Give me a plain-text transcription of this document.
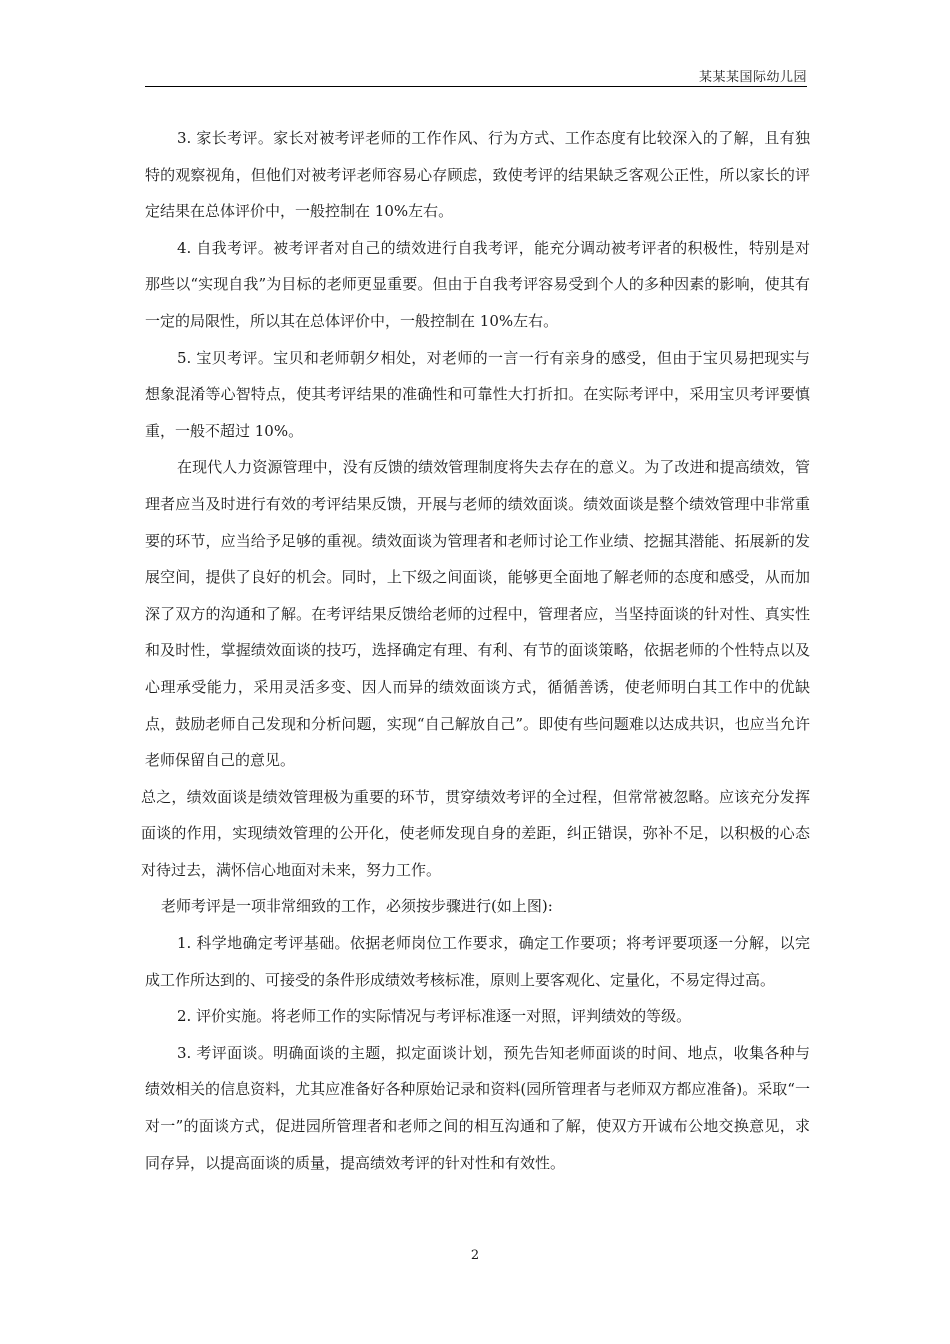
某某某国际幼儿园

3. 家长考评。家长对被考评老师的工作作风、行为方式、工作态度有比较深入的了解，且有独特的观察视角，但他们对被考评老师容易心存顾虑，致使考评的结果缺乏客观公正性，所以家长的评定结果在总体评价中，一般控制在 10%左右。

4. 自我考评。被考评者对自己的绩效进行自我考评，能充分调动被考评者的积极性，特别是对那些以“实现自我”为目标的老师更显重要。但由于自我考评容易受到个人的多种因素的影响，使其有一定的局限性，所以其在总体评价中，一般控制在 10%左右。

5. 宝贝考评。宝贝和老师朝夕相处，对老师的一言一行有亲身的感受，但由于宝贝易把现实与想象混淆等心智特点，使其考评结果的准确性和可靠性大打折扣。在实际考评中，采用宝贝考评要慎重，一般不超过 10%。

在现代人力资源管理中，没有反馈的绩效管理制度将失去存在的意义。为了改进和提高绩效，管理者应当及时进行有效的考评结果反馈，开展与老师的绩效面谈。绩效面谈是整个绩效管理中非常重要的环节，应当给予足够的重视。绩效面谈为管理者和老师讨论工作业绩、挖掘其潜能、拓展新的发展空间，提供了良好的机会。同时，上下级之间面谈，能够更全面地了解老师的态度和感受，从而加深了双方的沟通和了解。在考评结果反馈给老师的过程中，管理者应，当坚持面谈的针对性、真实性和及时性，掌握绩效面谈的技巧，选择确定有理、有利、有节的面谈策略，依据老师的个性特点以及心理承受能力，采用灵活多变、因人而异的绩效面谈方式，循循善诱，使老师明白其工作中的优缺点，鼓励老师自己发现和分析问题，实现“自己解放自己”。即使有些问题难以达成共识，也应当允许老师保留自己的意见。

总之，绩效面谈是绩效管理极为重要的环节，贯穿绩效考评的全过程，但常常被忽略。应该充分发挥面谈的作用，实现绩效管理的公开化，使老师发现自身的差距，纠正错误，弥补不足，以积极的心态对待过去，满怀信心地面对未来，努力工作。

老师考评是一项非常细致的工作，必须按步骤进行(如上图):

1. 科学地确定考评基础。依据老师岗位工作要求，确定工作要项；将考评要项逐一分解，以完成工作所达到的、可接受的条件形成绩效考核标准，原则上要客观化、定量化，不易定得过高。

2. 评价实施。将老师工作的实际情况与考评标准逐一对照，评判绩效的等级。

3. 考评面谈。明确面谈的主题，拟定面谈计划，预先告知老师面谈的时间、地点，收集各种与绩效相关的信息资料，尤其应准备好各种原始记录和资料(园所管理者与老师双方都应准备)。采取“一对一”的面谈方式，促进园所管理者和老师之间的相互沟通和了解，使双方开诚布公地交换意见，求同存异，以提高面谈的质量，提高绩效考评的针对性和有效性。

2
